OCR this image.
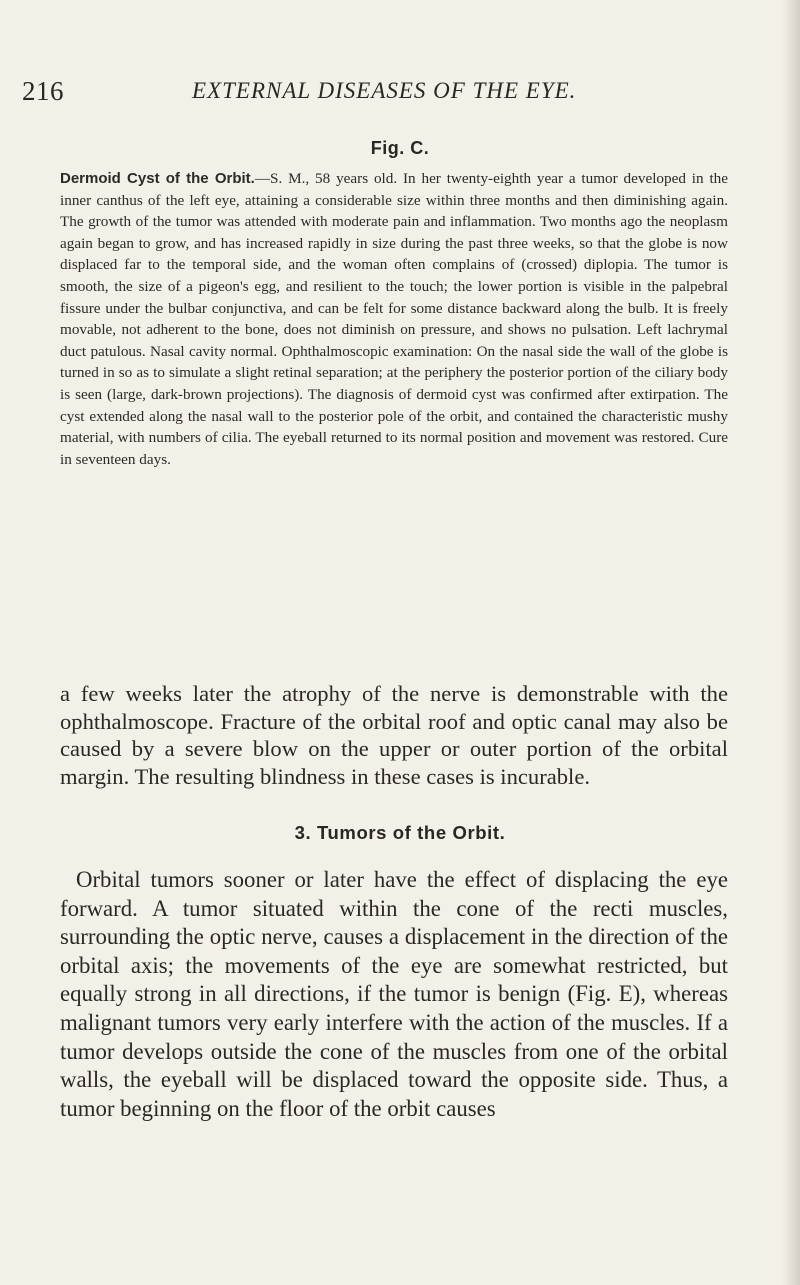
216	EXTERNAL DISEASES OF THE EYE.
Fig. C.
Dermoid Cyst of the Orbit.—S. M., 58 years old. In her twenty-eighth year a tumor developed in the inner canthus of the left eye, attaining a considerable size within three months and then diminishing again. The growth of the tumor was attended with moderate pain and inflammation. Two months ago the neoplasm again began to grow, and has increased rapidly in size during the past three weeks, so that the globe is now displaced far to the temporal side, and the woman often complains of (crossed) diplopia. The tumor is smooth, the size of a pigeon's egg, and resilient to the touch; the lower portion is visible in the palpebral fissure under the bulbar conjunctiva, and can be felt for some distance backward along the bulb. It is freely movable, not adherent to the bone, does not diminish on pressure, and shows no pulsation. Left lachrymal duct patulous. Nasal cavity normal. Ophthalmoscopic examination: On the nasal side the wall of the globe is turned in so as to simulate a slight retinal separation; at the periphery the posterior portion of the ciliary body is seen (large, dark-brown projections). The diagnosis of dermoid cyst was confirmed after extirpation. The cyst extended along the nasal wall to the posterior pole of the orbit, and contained the characteristic mushy material, with numbers of cilia. The eyeball returned to its normal position and movement was restored. Cure in seventeen days.

a few weeks later the atrophy of the nerve is demonstrable with the ophthalmoscope. Fracture of the orbital roof and optic canal may also be caused by a severe blow on the upper or outer portion of the orbital margin. The resulting blindness in these cases is incurable.

3. Tumors of the Orbit.

Orbital tumors sooner or later have the effect of displacing the eye forward. A tumor situated within the cone of the recti muscles, surrounding the optic nerve, causes a displacement in the direction of the orbital axis; the movements of the eye are somewhat restricted, but equally strong in all directions, if the tumor is benign (Fig. E), whereas malignant tumors very early interfere with the action of the muscles. If a tumor develops outside the cone of the muscles from one of the orbital walls, the eyeball will be displaced toward the opposite side. Thus, a tumor beginning on the floor of the orbit causes
